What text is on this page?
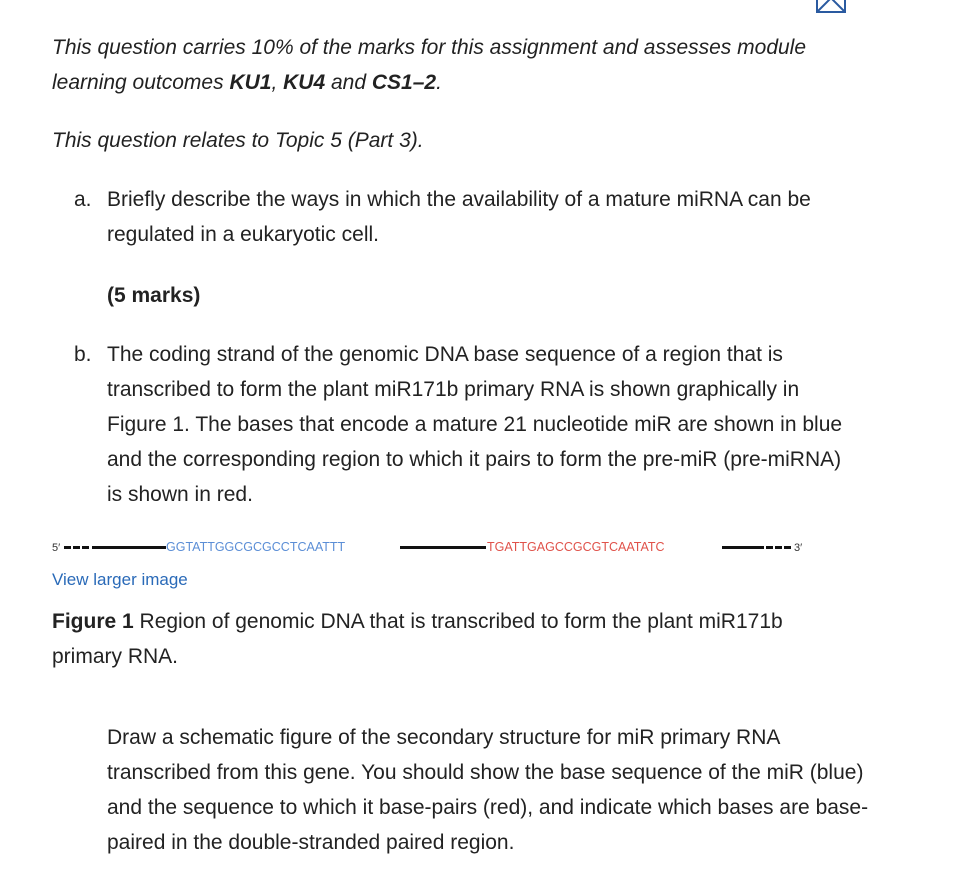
This question carries 10% of the marks for this assignment and assesses module learning outcomes KU1, KU4 and CS1–2.

This question relates to Topic 5 (Part 3).

a. Briefly describe the ways in which the availability of a mature miRNA can be regulated in a eukaryotic cell.

(5 marks)

b. The coding strand of the genomic DNA base sequence of a region that is transcribed to form the plant miR171b primary RNA is shown graphically in Figure 1. The bases that encode a mature 21 nucleotide miR are shown in blue and the corresponding region to which it pairs to form the pre-miR (pre-miRNA) is shown in red.

5′	GGTATTGGCGCGCCTCAATTT	TGATTGAGCCGCGTCAATATC	3′
View larger image

Figure 1 Region of genomic DNA that is transcribed to form the plant miR171b primary RNA.

Draw a schematic figure of the secondary structure for miR primary RNA transcribed from this gene. You should show the base sequence of the miR (blue) and the sequence to which it base-pairs (red), and indicate which bases are base-paired in the double-stranded paired region.
